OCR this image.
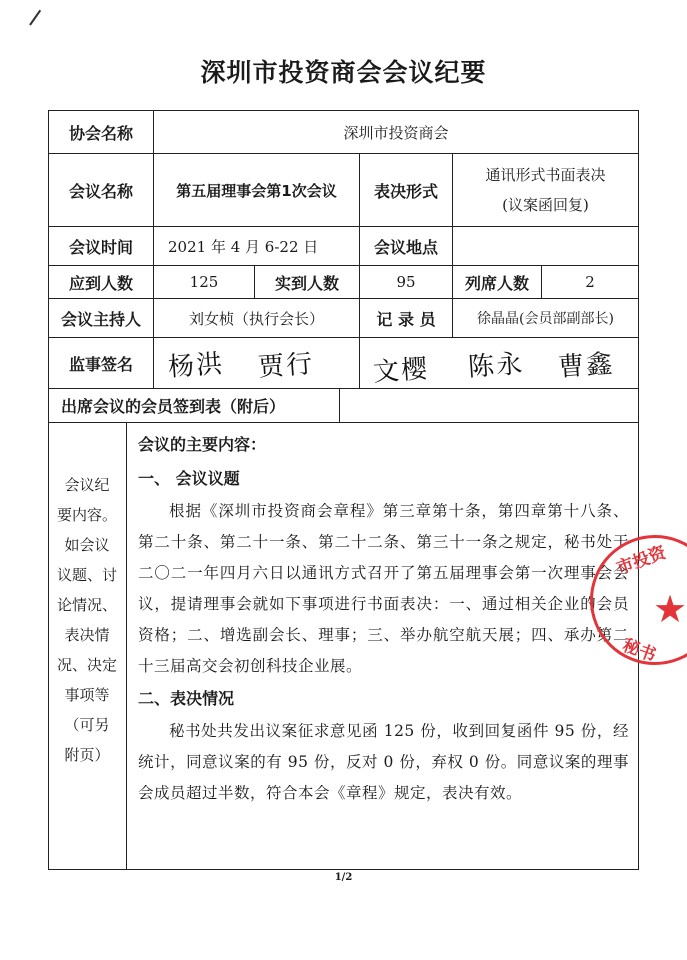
深圳市投资商会会议纪要
协会名称	深圳市投资商会
会议名称	第五届理事会第1次会议	表决形式
通讯形式书面表决
(议案函回复)
会议时间	2021 年 4 月 6-22 日	会议地点
应到人数	125	实到人数	95	列席人数	2
会议主持人	刘女桢（执行会长）	记 录 员	徐晶晶(会员部副部长)
监事签名	杨洪 贾行 文樱 陈永 曹鑫
出席会议的会员签到表（附后）
会议纪
要内容。
如会议
议题、讨
论情况、
表决情
况、决定
事项等
（可另
附页）
会议的主要内容：
一、 会议议题

根据《深圳市投资商会章程》第三章第十条，第四章第十八条、第二十条、第二十一条、第二十二条、第三十一条之规定，秘书处于二〇二一年四月六日以通讯方式召开了第五届理事会第一次理事会会议，提请理事会就如下事项进行书面表决：一、通过相关企业的会员资格；二、增选副会长、理事；三、举办航空航天展；四、承办第二十三届高交会初创科技企业展。

二、表决情况

秘书处共发出议案征求意见函 125 份，收到回复函件 95 份，经统计，同意议案的有 95 份，反对 0 份，弃权 0 份。同意议案的理事会成员超过半数，符合本会《章程》规定，表决有效。

市投资
★
秘书
1/2
